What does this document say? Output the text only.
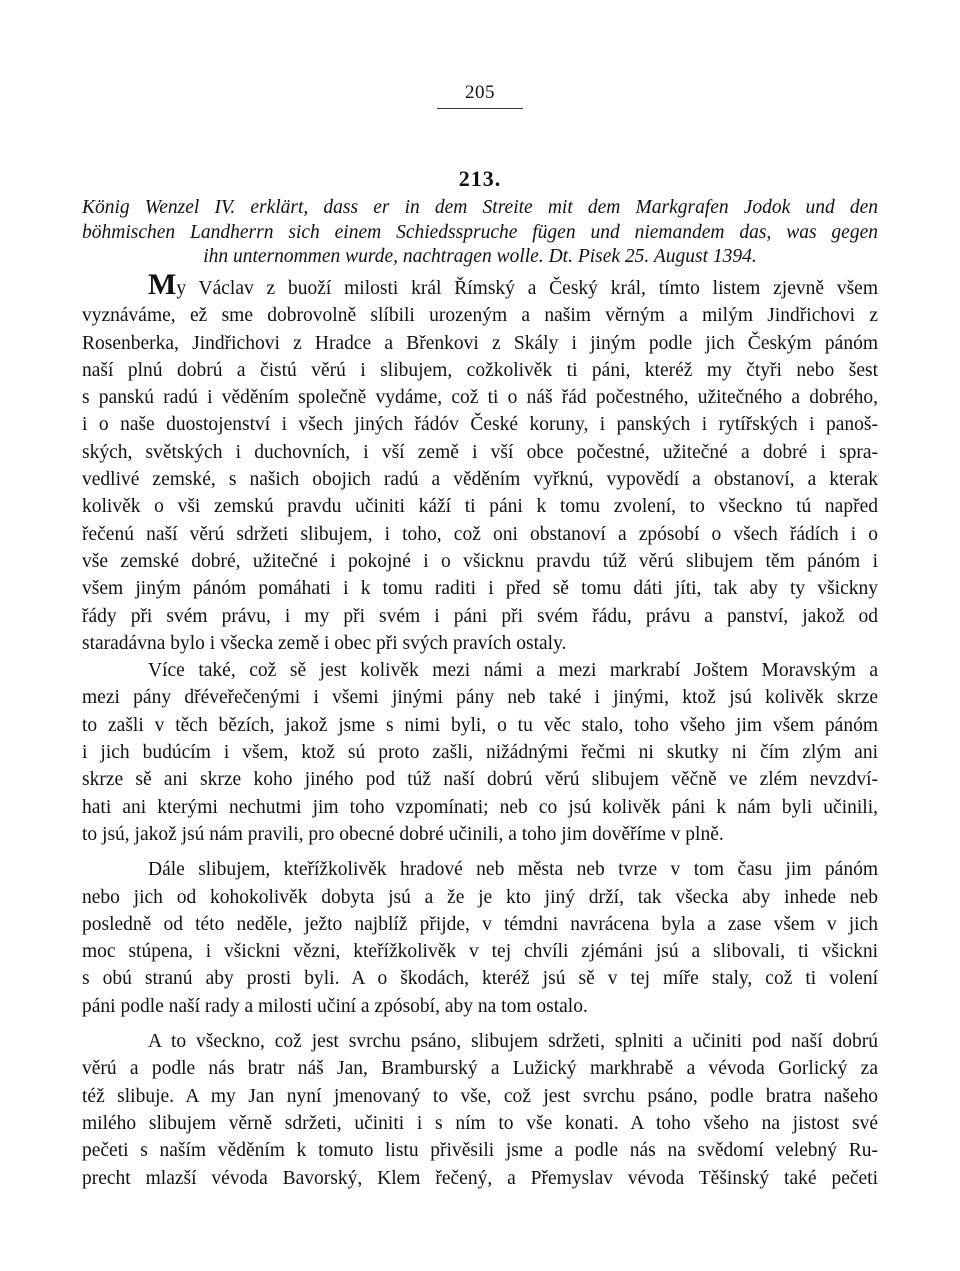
205
213.
König Wenzel IV. erklärt, dass er in dem Streite mit dem Markgrafen Jodok und den
böhmischen Landherrn sich einem Schiedsspruche fügen und niemandem das, was gegen
ihn unternommen wurde, nachtragen wolle. Dt. Pisek 25. August 1394.
My Václav z buoží milosti král Římský a Český král, tímto listem zjevně všem
vyznáváme, ež sme dobrovolně slíbili urozeným a našim věrným a milým Jindřichovi z
Rosenberka, Jindřichovi z Hradce a Břenkovi z Skály i jiným podle jich Českým pánóm
naší plnú dobrú a čistú věrú i slibujem, cožkolivěk ti páni, kteréž my čtyři nebo šest
s panskú radú i věděním společně vydáme, což ti o náš řád počestného, užitečného a dobrého,
i o naše duostojenství i všech jiných řádóv České koruny, i panských i rytířských i panoš-
ských, světských i duchovních, i vší země i vší obce počestné, užitečné a dobré i spra-
vedlivé zemské, s našich obojich radú a věděním vyřknú, vypovědí a obstanoví, a kterak
kolivěk o vši zemskú pravdu učiniti káží ti páni k tomu zvolení, to všeckno tú napřed
řečenú naší věrú sdržeti slibujem, i toho, což oni obstanoví a zpósobí o všech řádích i o
vše zemské dobré, užitečné i pokojné i o všicknu pravdu túž věrú slibujem těm pánóm i
všem jiným pánóm pomáhati i k tomu raditi i před sě tomu dáti jíti, tak aby ty všickny
řády při svém právu, i my při svém i páni při svém řádu, právu a panství, jakož od
staradávna bylo i všecka země i obec při svých pravích ostaly.
Více také, což sě jest kolivěk mezi námi a mezi markrabí Joštem Moravským a
mezi pány dřéveřečenými i všemi jinými pány neb také i jinými, ktož jsú kolivěk skrze
to zašli v těch bězích, jakož jsme s nimi byli, o tu věc stalo, toho všeho jim všem pánóm
i jich budúcím i všem, ktož sú proto zašli, nižádnými řečmi ni skutky ni čím zlým ani
skrze sě ani skrze koho jiného pod túž naší dobrú věrú slibujem věčně ve zlém nevzdví-
hati ani kterými nechutmi jim toho vzpomínati; neb co jsú kolivěk páni k nám byli učinili,
to jsú, jakož jsú nám pravili, pro obecné dobré učinili, a toho jim dověříme v plně.
Dále slibujem, kteřížkolivěk hradové neb města neb tvrze v tom času jim pánóm
nebo jich od kohokolivěk dobyta jsú a že je kto jiný drží, tak všecka aby inhede neb
posledně od této neděle, ježto najblíž přijde, v témdni navrácena byla a zase všem v jich
moc stúpena, i všickni vězni, kteřížkolivěk v tej chvíli zjémáni jsú a slibovali, ti všickni
s obú stranú aby prosti byli. A o škodách, kteréž jsú sě v tej míře staly, což ti volení
páni podle naší rady a milosti učiní a zpósobí, aby na tom ostalo.
A to všeckno, což jest svrchu psáno, slibujem sdržeti, splniti a učiniti pod naší dobrú
věrú a podle nás bratr náš Jan, Bramburský a Lužický markhrabě a vévoda Gorlický za
též slibuje. A my Jan nyní jmenovaný to vše, což jest svrchu psáno, podle bratra našeho
milého slibujem věrně sdržeti, učiniti i s ním to vše konati. A toho všeho na jistost své
pečeti s naším věděním k tomuto listu přivěsili jsme a podle nás na svědomí velebný Ru-
precht mlazší vévoda Bavorský, Klem řečený, a Přemyslav vévoda Těšinský také pečeti
